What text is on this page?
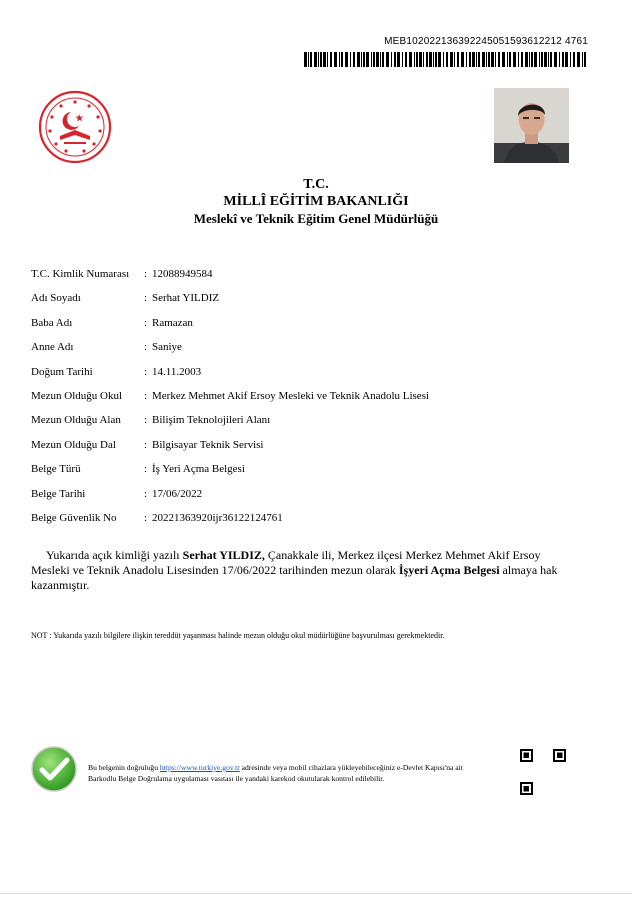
MEB102022136392245051593612212 4761
T.C.
MİLLÎ EĞİTİM BAKANLIĞI
Meslekî ve Teknik Eğitim Genel Müdürlüğü
T.C. Kimlik Numarası : 12088949584
Adı Soyadı	: Serhat YILDIZ
Baba Adı	: Ramazan
Anne Adı	: Saniye
Doğum Tarihi	: 14.11.2003
Mezun Olduğu Okul : Merkez Mehmet Akif Ersoy Mesleki ve Teknik Anadolu Lisesi
Mezun Olduğu Alan : Bilişim Teknolojileri Alanı
Mezun Olduğu Dal	: Bilgisayar Teknik Servisi
Belge Türü	: İş Yeri Açma Belgesi
Belge Tarihi	: 17/06/2022
Belge Güvenlik No : 20221363920ijr36122124761
Yukarıda açık kimliği yazılı Serhat YILDIZ, Çanakkale ili, Merkez ilçesi Merkez Mehmet Akif Ersoy Mesleki ve Teknik Anadolu Lisesinden 17/06/2022 tarihinden mezun olarak İşyeri Açma Belgesi almaya hak kazanmıştır.
NOT : Yukarıda yazılı bilgilere ilişkin tereddüt yaşanması halinde mezun olduğu okul müdürlüğüne başvurulması gerekmektedir.
Bu belgenin doğruluğu https://www.turkiye.gov.tr adresinde veya mobil cihazlara yükleyebileceğiniz e-Devlet Kapısı'na ait Barkodlu Belge Doğrulama uygulaması vasıtası ile yandaki karekod okutularak kontrol edilebilir.
